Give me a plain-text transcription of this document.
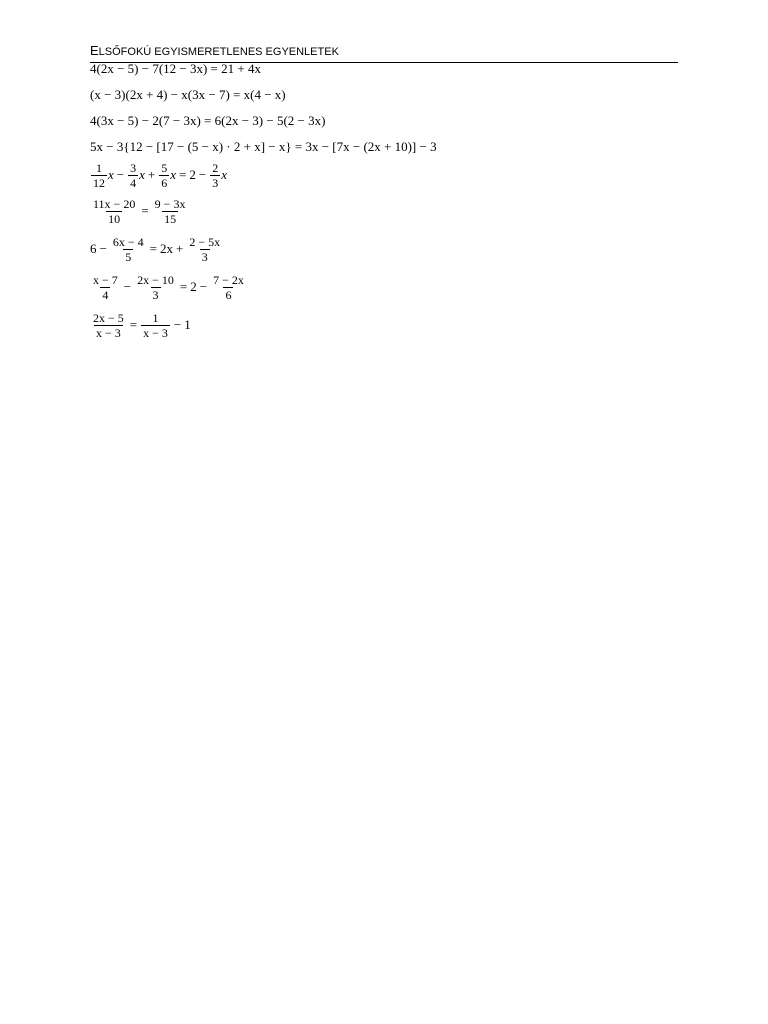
ELSŐFOKÚ EGYISMERETLENES EGYENLETEK
4(2x − 5) − 7(12 − 3x) = 21 + 4x
(x − 3)(2x + 4) − x(3x − 7) = x(4 − x)
4(3x − 5) − 2(7 − 3x) = 6(2x − 3) − 5(2 − 3x)
5x − 3{12 − [17 − (5 − x) · 2 + x] − x} = 3x − [7x − (2x + 10)] − 3
$\frac{1}{12}$ $x - \frac{3}{4}$ $x + \frac{5}{6}$ $x = 2 - \frac{2}{3}$ x
$\frac{11x - 20}{10} = \frac{9 - 3x}{15}$
$6 - \frac{6x - 4}{5} = 2x + \frac{2 - 5x}{3}$
$\frac{x - 7}{4} - \frac{2x - 10}{3} = 2 - \frac{7 - 2x}{6}$
$\frac{2x - 5}{x - 3} = \frac{1}{x - 3} - 1$
